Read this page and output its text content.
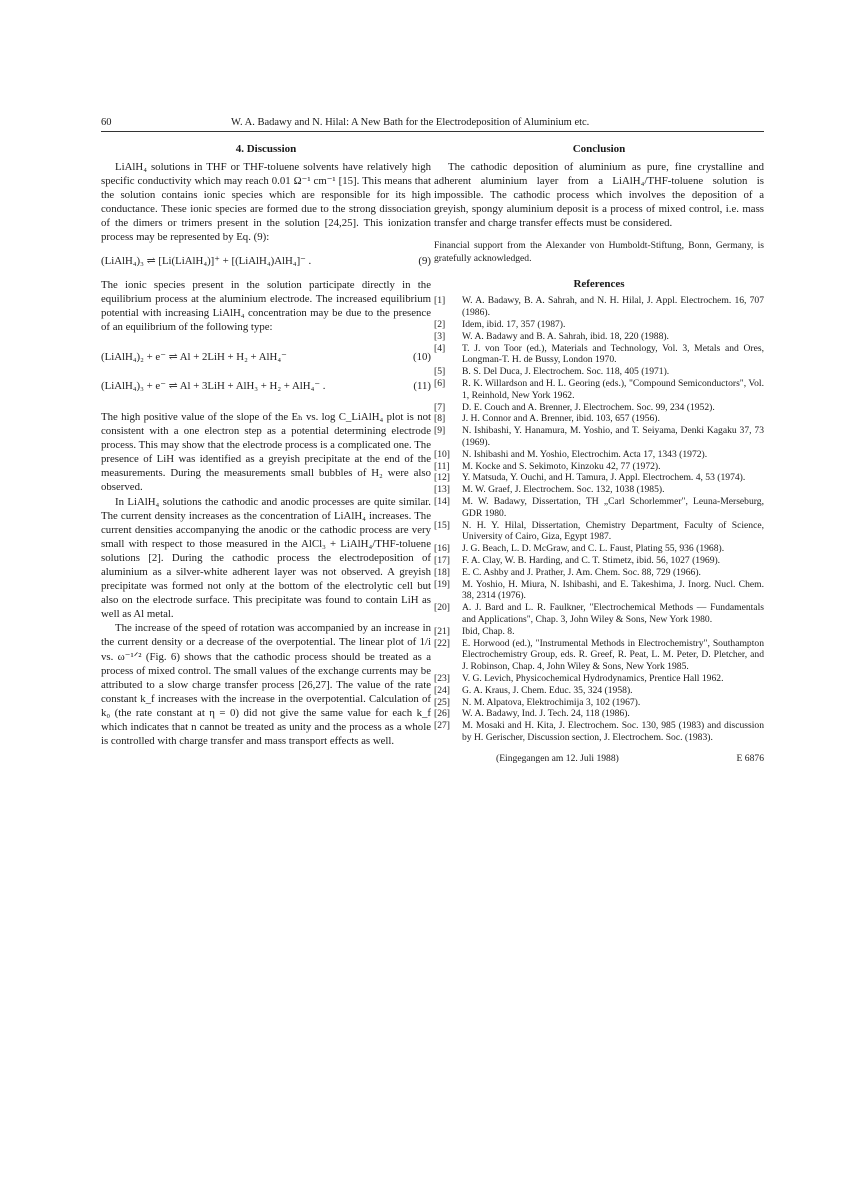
60	W. A. Badawy and N. Hilal: A New Bath for the Electrodeposition of Aluminium etc.
4. Discussion

LiAlH₄ solutions in THF or THF-toluene solvents have relatively high specific conductivity which may reach 0.01 Ω⁻¹ cm⁻¹ [15]. This means that the solution contains ionic species which are responsible for its high conductance. These ionic species are formed due to the strong dissociation of the dimers or trimers present in the solution [24,25]. This ionization process may be represented by Eq. (9):

(LiAlH₄)₃ ⇌ [Li(LiAlH₄)]⁺ + [(LiAlH₄)AlH₄]⁻ .	(9)

The ionic species present in the solution participate directly in the equilibrium process at the aluminium electrode. The increased equilibrium potential with increasing LiAlH₄ concentration may be due to the presence of an equilibrium of the following type:

(LiAlH₄)₂ + e⁻ ⇌ Al + 2LiH + H₂ + AlH₄⁻	(10)
(LiAlH₄)₃ + e⁻ ⇌ Al + 3LiH + AlH₃ + H₂ + AlH₄⁻ .	(11)

The high positive value of the slope of the Eₕ vs. log C_LiAlH₄ plot is not consistent with a one electron step as a potential determining electrode process. This may show that the electrode process is a complicated one. The presence of LiH was identified as a greyish precipitate at the end of the measurements. During the measurements small bubbles of H₂ were also observed.

In LiAlH₄ solutions the cathodic and anodic processes are quite similar. The current density increases as the concentration of LiAlH₄ increases. The current densities accompanying the anodic or the cathodic process are very small with respect to those measured in the AlCl₃ + LiAlH₄/THF-toluene solutions [2]. During the cathodic process the electrodeposition of aluminium as a silver-white adherent layer was not observed. A greyish precipitate was formed not only at the bottom of the electrolytic cell but also on the electrode surface. This precipitate was found to contain LiH as well as Al metal.

The increase of the speed of rotation was accompanied by an increase in the current density or a decrease of the overpotential. The linear plot of 1/i vs. ω⁻¹ᐟ² (Fig. 6) shows that the cathodic process should be treated as a process of mixed control. The small values of the exchange currents may be attributed to a slow charge transfer process [26,27]. The value of the rate constant k_f increases with the increase in the overpotential. Calculation of k₀ (the rate constant at η = 0) did not give the same value for each k_f which indicates that n cannot be treated as unity and the process as a whole is controlled with charge transfer and mass transport effects as well.

Conclusion

The cathodic deposition of aluminium as pure, fine crystalline and adherent aluminium layer from a LiAlH₄/THF-toluene solution is impossible. The cathodic process which involves the deposition of a greyish, spongy aluminium deposit is a process of mixed control, i.e. mass transfer and charge transfer effects must be considered.

Financial support from the Alexander von Humboldt-Stiftung, Bonn, Germany, is gratefully acknowledged.

References
[1]	W. A. Badawy, B. A. Sahrah, and N. H. Hilal, J. Appl. Electrochem. 16, 707 (1986).
[2]	Idem, ibid. 17, 357 (1987).
[3]	W. A. Badawy and B. A. Sahrah, ibid. 18, 220 (1988).
[4]	T. J. von Toor (ed.), Materials and Technology, Vol. 3, Metals and Ores, Longman-T. H. de Bussy, London 1970.
[5]	B. S. Del Duca, J. Electrochem. Soc. 118, 405 (1971).
[6]	R. K. Willardson and H. L. Georing (eds.), "Compound Semiconductors", Vol. 1, Reinhold, New York 1962.
[7]	D. E. Couch and A. Brenner, J. Electrochem. Soc. 99, 234 (1952).
[8]	J. H. Connor and A. Brenner, ibid. 103, 657 (1956).
[9]	N. Ishibashi, Y. Hanamura, M. Yoshio, and T. Seiyama, Denki Kagaku 37, 73 (1969).
[10]	N. Ishibashi and M. Yoshio, Electrochim. Acta 17, 1343 (1972).
[11]	M. Kocke and S. Sekimoto, Kinzoku 42, 77 (1972).
[12]	Y. Matsuda, Y. Ouchi, and H. Tamura, J. Appl. Electrochem. 4, 53 (1974).
[13]	M. W. Graef, J. Electrochem. Soc. 132, 1038 (1985).
[14]	M. W. Badawy, Dissertation, TH „Carl Schorlemmer", Leuna-Merseburg, GDR 1980.
[15]	N. H. Y. Hilal, Dissertation, Chemistry Department, Faculty of Science, University of Cairo, Giza, Egypt 1987.
[16]	J. G. Beach, L. D. McGraw, and C. L. Faust, Plating 55, 936 (1968).
[17]	F. A. Clay, W. B. Harding, and C. T. Stimetz, ibid. 56, 1027 (1969).
[18]	E. C. Ashby and J. Prather, J. Am. Chem. Soc. 88, 729 (1966).
[19]	M. Yoshio, H. Miura, N. Ishibashi, and E. Takeshima, J. Inorg. Nucl. Chem. 38, 2314 (1976).
[20]	A. J. Bard and L. R. Faulkner, "Electrochemical Methods — Fundamentals and Applications", Chap. 3, John Wiley & Sons, New York 1980.
[21]	Ibid, Chap. 8.
[22]	E. Horwood (ed.), "Instrumental Methods in Electrochemistry", Southampton Electrochemistry Group, eds. R. Greef, R. Peat, L. M. Peter, D. Pletcher, and J. Robinson, Chap. 4, John Wiley & Sons, New York 1985.
[23]	V. G. Levich, Physicochemical Hydrodynamics, Prentice Hall 1962.
[24]	G. A. Kraus, J. Chem. Educ. 35, 324 (1958).
[25]	N. M. Alpatova, Elektrochimija 3, 102 (1967).
[26]	W. A. Badawy, Ind. J. Tech. 24, 118 (1986).
[27]	M. Mosaki and H. Kita, J. Electrochem. Soc. 130, 985 (1983) and discussion by H. Gerischer, Discussion section, J. Electrochem. Soc. (1983).
(Eingegangen am 12. Juli 1988)	E 6876
